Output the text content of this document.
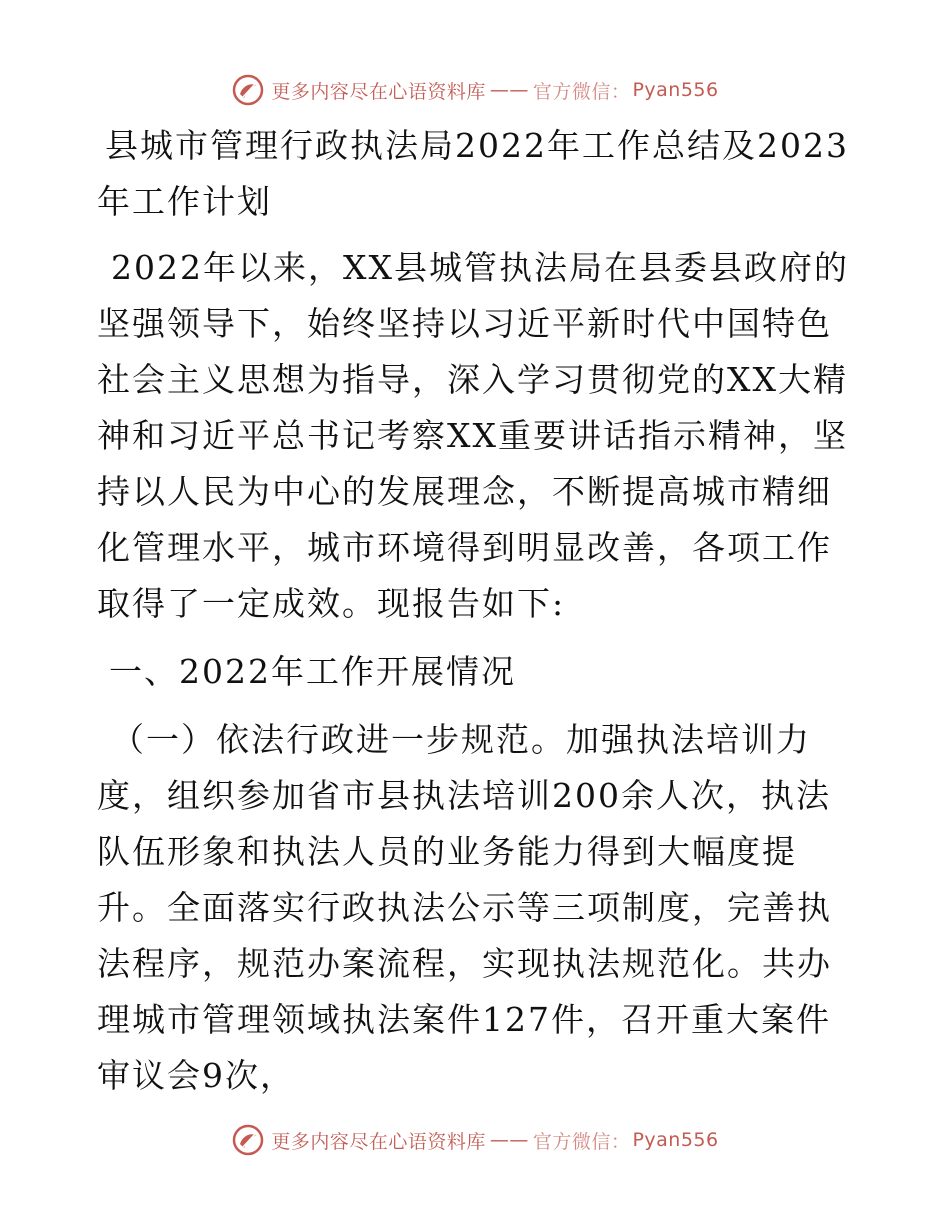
更多内容尽在心语资料库 —— 官方微信： Pyan556
县城市管理行政执法局2022年工作总结及2023年工作计划

2022年以来，XX县城管执法局在县委县政府的坚强领导下，始终坚持以习近平新时代中国特色社会主义思想为指导，深入学习贯彻党的XX大精神和习近平总书记考察XX重要讲话指示精神，坚持以人民为中心的发展理念，不断提高城市精细化管理水平，城市环境得到明显改善，各项工作取得了一定成效。现报告如下:

一、2022年工作开展情况

（一）依法行政进一步规范。加强执法培训力度，组织参加省市县执法培训200余人次，执法队伍形象和执法人员的业务能力得到大幅度提升。全面落实行政执法公示等三项制度，完善执法程序，规范办案流程，实现执法规范化。共办理城市管理领域执法案件127件，召开重大案件审议会9次，

更多内容尽在心语资料库 —— 官方微信： Pyan556
